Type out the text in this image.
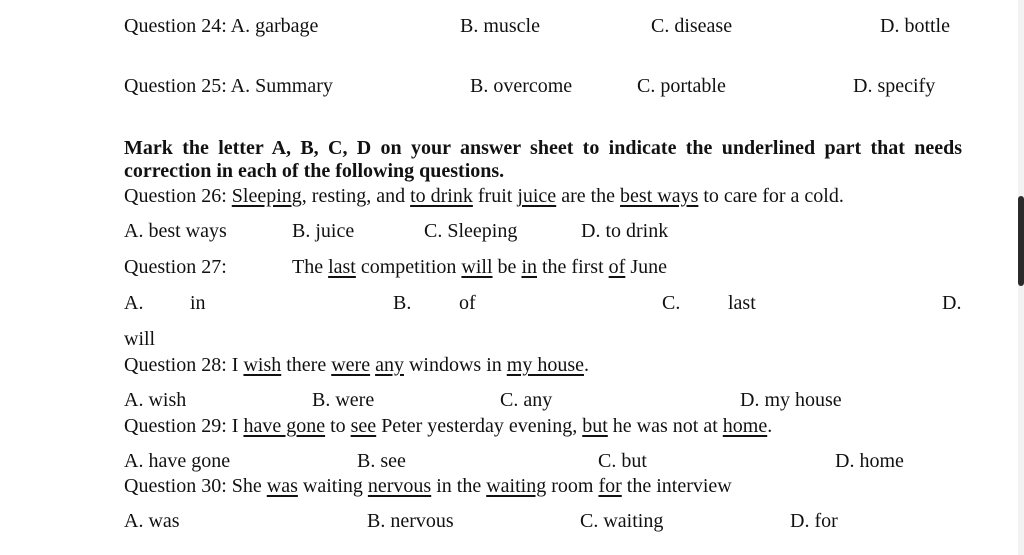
Question 24: A. garbage	B. muscle	C. disease	D. bottle
Question 25: A. Summary	B. overcome	C. portable	D. specify
Mark the letter A, B, C, D on your answer sheet to indicate the underlined part that needs correction in each of the following questions.
Question 26: Sleeping, resting, and to drink fruit juice are the best ways to care for a cold.
A. best ways	B. juice	C. Sleeping	D. to drink
Question 27:	The last competition will be in the first of June
A. in	B. of	C. last	D.
will
Question 28: I wish there were any windows in my house.
A. wish	B. were	C. any	D. my house
Question 29: I have gone to see Peter yesterday evening, but he was not at home.
A. have gone	B. see	C. but	D. home
Question 30: She was waiting nervous in the waiting room for the interview
A. was	B. nervous	C. waiting	D. for
